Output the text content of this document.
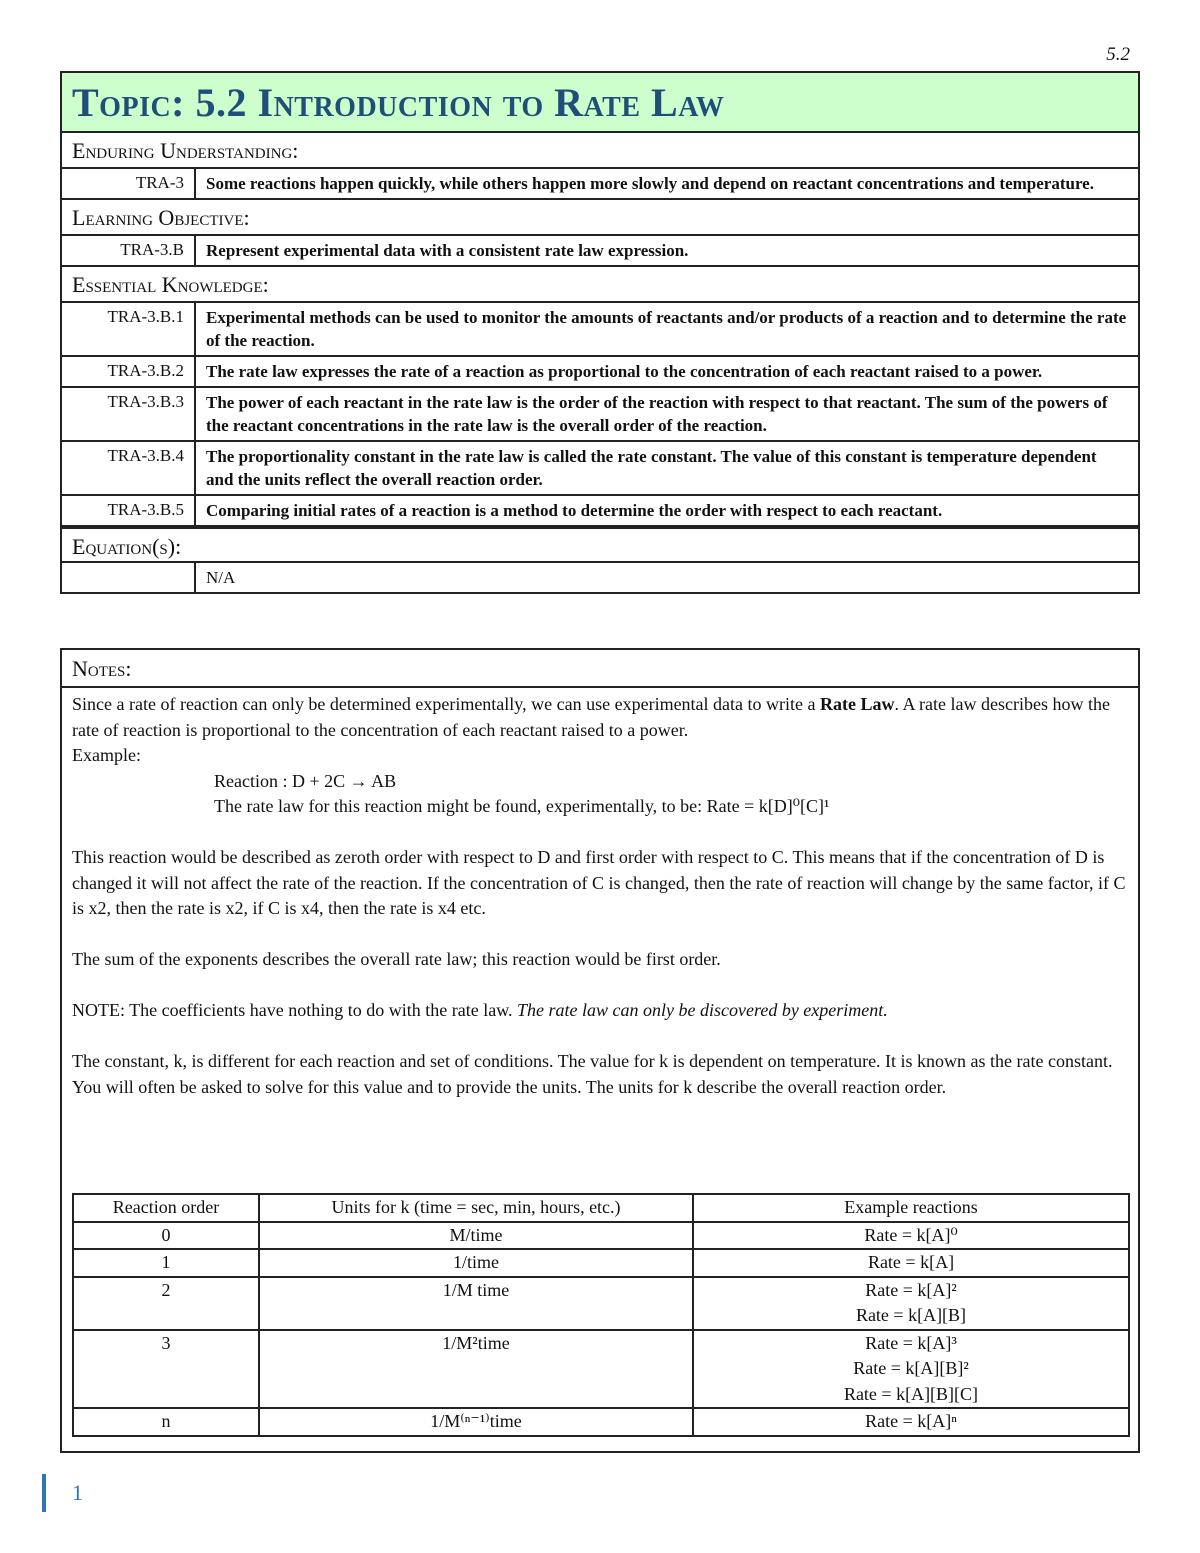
5.2
Topic: 5.2 Introduction to Rate Law
Enduring Understanding:
TRA-3	Some reactions happen quickly, while others happen more slowly and depend on reactant concentrations and temperature.
Learning Objective:
TRA-3.B	Represent experimental data with a consistent rate law expression.
Essential Knowledge:
TRA-3.B.1	Experimental methods can be used to monitor the amounts of reactants and/or products of a reaction and to determine the rate of the reaction.
TRA-3.B.2	The rate law expresses the rate of a reaction as proportional to the concentration of each reactant raised to a power.
TRA-3.B.3	The power of each reactant in the rate law is the order of the reaction with respect to that reactant. The sum of the powers of the reactant concentrations in the rate law is the overall order of the reaction.
TRA-3.B.4	The proportionality constant in the rate law is called the rate constant. The value of this constant is temperature dependent and the units reflect the overall reaction order.
TRA-3.B.5	Comparing initial rates of a reaction is a method to determine the order with respect to each reactant.
Equation(s):
N/A
Notes:

Since a rate of reaction can only be determined experimentally, we can use experimental data to write a Rate Law. A rate law describes how the rate of reaction is proportional to the concentration of each reactant raised to a power.

Example:

Reaction : D + 2C → AB

The rate law for this reaction might be found, experimentally, to be: Rate = k[D]⁰[C]¹

This reaction would be described as zeroth order with respect to D and first order with respect to C. This means that if the concentration of D is changed it will not affect the rate of the reaction. If the concentration of C is changed, then the rate of reaction will change by the same factor, if C is x2, then the rate is x2, if C is x4, then the rate is x4 etc.

The sum of the exponents describes the overall rate law; this reaction would be first order.

NOTE: The coefficients have nothing to do with the rate law. The rate law can only be discovered by experiment.

The constant, k, is different for each reaction and set of conditions. The value for k is dependent on temperature. It is known as the rate constant. You will often be asked to solve for this value and to provide the units. The units for k describe the overall reaction order.

Reaction order	Units for k (time = sec, min, hours, etc.)	Example reactions
0	M/time	Rate = k[A]⁰

1	1/time	Rate = k[A]

2	1/M time	Rate = k[A]²
Rate = k[A][B]

3	1/M²time	Rate = k[A]³
Rate = k[A][B]²
Rate = k[A][B][C]

n	1/M⁽ⁿ⁻¹⁾time	Rate = k[A]ⁿ
1
